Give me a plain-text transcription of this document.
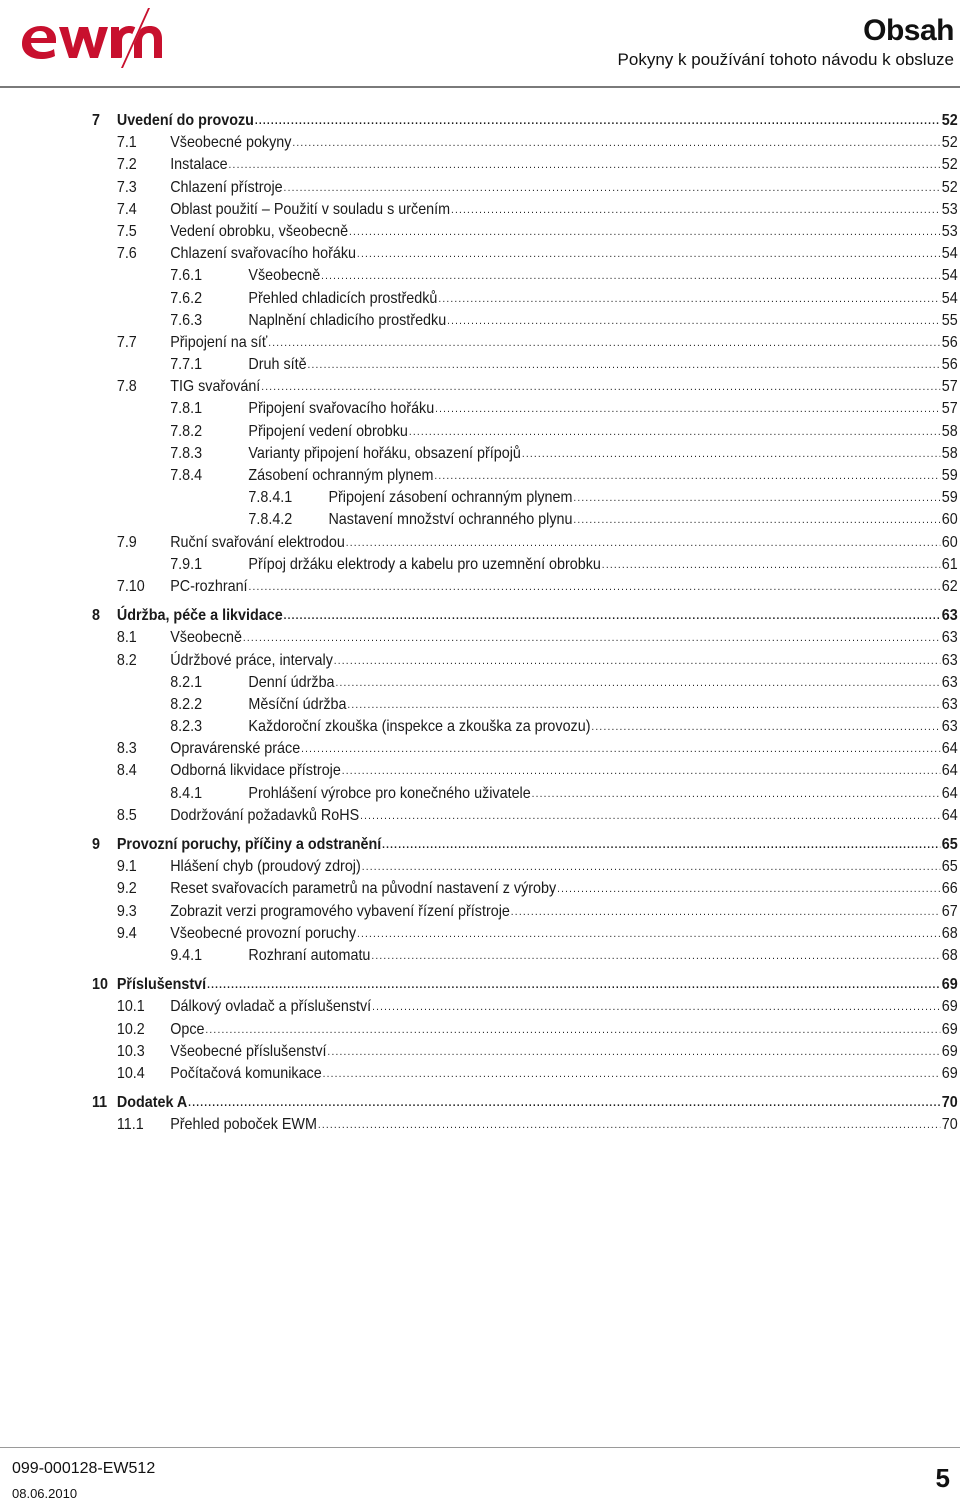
Obsah
Pokyny k používání tohoto návodu k obsluze
7 Uvedení do provozu .....	52
7.1 Všeobecné pokyny .....	52
7.2 Instalace .....	52
7.3 Chlazení přístroje .....	52
7.4 Oblast použití – Použití v souladu s určením .....	53
7.5 Vedení obrobku, všeobecně .....	53
7.6 Chlazení svařovacího hořáku .....	54
7.6.1	Všeobecně .....	54
7.6.2	Přehled chladicích prostředků .....	54
7.6.3	Naplnění chladicího prostředku .....	55
7.7 Připojení na síť .....	56
7.7.1	Druh sítě .....	56
7.8 TIG svařování .....	57
7.8.1	Připojení svařovacího hořáku .....	57
7.8.2	Připojení vedení obrobku .....	58
7.8.3	Varianty připojení hořáku, obsazení přípojů .....	58
7.8.4	Zásobení ochranným plynem .....	59
7.8.4.1 Připojení zásobení ochranným plynem .....	59
7.8.4.2 Nastavení množství ochranného plynu .....	60
7.9 Ruční svařování elektrodou .....	60
7.9.1	Přípoj držáku elektrody a kabelu pro uzemnění obrobku .....	61
7.10 PC-rozhraní .....	62
8 Údržba, péče a likvidace .....	63
8.1 Všeobecně .....	63
8.2 Údržbové práce, intervaly .....	63
8.2.1	Denní údržba .....	63
8.2.2	Měsíční údržba .....	63
8.2.3	Každoroční zkouška (inspekce a zkouška za provozu) .....	63
8.3 Opravárenské práce .....	64
8.4 Odborná likvidace přístroje .....	64
8.4.1	Prohlášení výrobce pro konečného uživatele .....	64
8.5 Dodržování požadavků RoHS .....	64
9 Provozní poruchy, příčiny a odstranění .....	65
9.1 Hlášení chyb (proudový zdroj) .....	65
9.2 Reset svařovacích parametrů na původní nastavení z výroby .....	66
9.3 Zobrazit verzi programového vybavení řízení přístroje .....	67
9.4 Všeobecné provozní poruchy .....	68
9.4.1	Rozhraní automatu .....	68
10 Příslušenství .....	69
10.1 Dálkový ovladač a příslušenství .....	69
10.2 Opce .....	69
10.3 Všeobecné příslušenství .....	69
10.4 Počítačová komunikace .....	69
11 Dodatek A .....	70
11.1 Přehled poboček EWM .....	70
099-000128-EW512
08.06.2010
5
